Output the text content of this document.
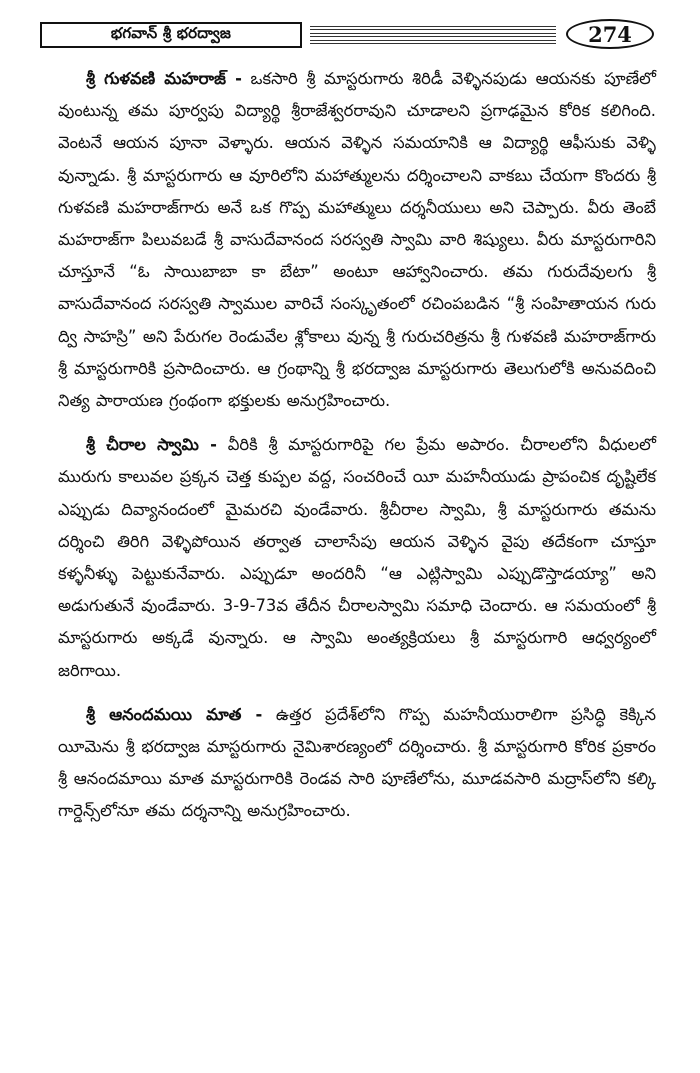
భగవాన్ శ్రీ భరద్వాజ	274

శ్రీ గుళవణి మహరాజ్ - ఒకసారి శ్రీ మాస్టరుగారు శిరిడీ వెళ్ళినపుడు ఆయనకు పూణేలో వుంటున్న తమ పూర్వపు విద్యార్థి శ్రీరాజేశ్వరరావుని చూడాలని ప్రగాఢమైన కోరిక కలిగింది. వెంటనే ఆయన పూనా వెళ్ళారు. ఆయన వెళ్ళిన సమయానికి ఆ విద్యార్థి ఆఫీసుకు వెళ్ళి వున్నాడు. శ్రీ మాస్టరుగారు ఆ వూరిలోని మహాత్ములను దర్శించాలని వాకబు చేయగా కొందరు శ్రీ గుళవణి మహరాజ్‌గారు అనే ఒక గొప్ప మహాత్ములు దర్శనీయులు అని చెప్పారు. వీరు తెంబే మహరాజ్‌గా పిలువబడే శ్రీ వాసుదేవానంద సరస్వతి స్వామి వారి శిష్యులు. వీరు మాస్టరుగారిని చూస్తూనే “ఓ సాయిబాబా కా బేటా” అంటూ ఆహ్వానించారు. తమ గురుదేవులగు శ్రీ వాసుదేవానంద సరస్వతి స్వాముల వారిచే సంస్కృతంలో రచింపబడిన “శ్రీ సంహితాయన గురు ద్వి సాహస్రి” అని పేరుగల రెండువేల శ్లోకాలు వున్న శ్రీ గురుచరిత్రను శ్రీ గుళవణి మహరాజ్‌గారు శ్రీ మాస్టరుగారికి ప్రసాదించారు. ఆ గ్రంథాన్ని శ్రీ భరద్వాజ మాస్టరుగారు తెలుగులోకి అనువదించి నిత్య పారాయణ గ్రంథంగా భక్తులకు అనుగ్రహించారు.

శ్రీ చీరాల స్వామి - వీరికి శ్రీ మాస్టరుగారిపై గల ప్రేమ అపారం. చీరాలలోని వీధులలో మురుగు కాలువల ప్రక్కన చెత్త కుప్పల వద్ద, సంచరించే యీ మహనీయుడు ప్రాపంచిక దృష్టిలేక ఎప్పుడు దివ్యానందంలో మైమరచి వుండేవారు. శ్రీచీరాల స్వామి, శ్రీ మాస్టరుగారు తమను దర్శించి తిరిగి వెళ్ళిపోయిన తర్వాత చాలాసేపు ఆయన వెళ్ళిన వైపు తదేకంగా చూస్తూ కళ్ళనీళ్ళు పెట్టుకునేవారు. ఎప్పుడూ అందరినీ “ఆ ఎట్లిస్వామి ఎప్పుడొస్తాడయ్యా” అని అడుగుతునే వుండేవారు. 3-9-73వ తేదీన చీరాలస్వామి సమాధి చెందారు. ఆ సమయంలో శ్రీ మాస్టరుగారు అక్కడే వున్నారు. ఆ స్వామి అంత్యక్రియలు శ్రీ మాస్టరుగారి ఆధ్వర్యంలో జరిగాయి.

శ్రీ ఆనందమయి మాత - ఉత్తర ప్రదేశ్‌లోని గొప్ప మహనీయురాలిగా ప్రసిద్ధి కెక్కిన యీమెను శ్రీ భరద్వాజ మాస్టరుగారు నైమిశారణ్యంలో దర్శించారు. శ్రీ మాస్టరుగారి కోరిక ప్రకారం శ్రీ ఆనందమాయి మాత మాస్టరుగారికి రెండవ సారి పూణేలోను, మూడవసారి మద్రాస్‌లోని కల్కి గార్డెన్స్‌లోనూ తమ దర్శనాన్ని అనుగ్రహించారు.
